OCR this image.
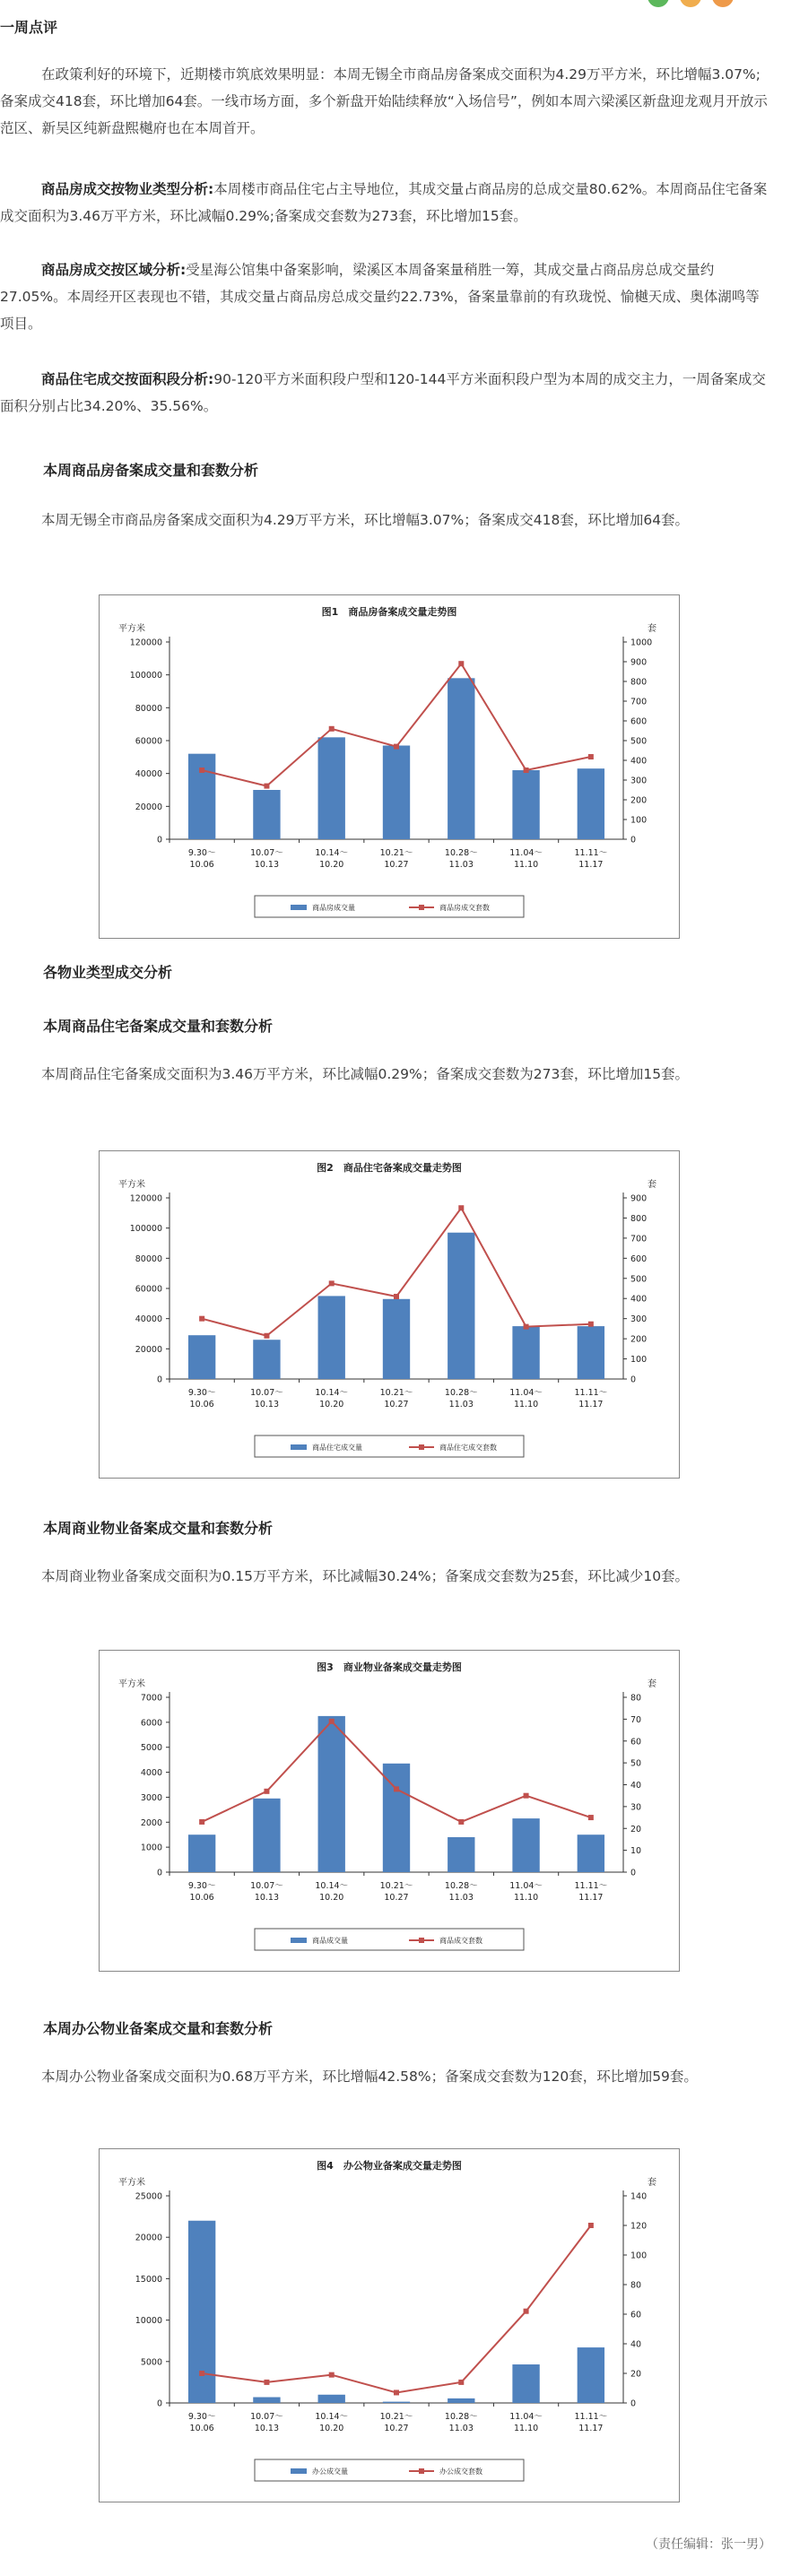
一周点评
在政策利好的环境下，近期楼市筑底效果明显：本周无锡全市商品房备案成交面积为4.29万平方米，环比增幅3.07%;备案成交418套，环比增加64套。一线市场方面，多个新盘开始陆续释放“入场信号”，例如本周六梁溪区新盘迎龙观月开放示范区、新吴区纯新盘熙樾府也在本周首开。
商品房成交按物业类型分析:本周楼市商品住宅占主导地位，其成交量占商品房的总成交量80.62%。本周商品住宅备案成交面积为3.46万平方米，环比减幅0.29%;备案成交套数为273套，环比增加15套。
商品房成交按区域分析:受星海公馆集中备案影响，梁溪区本周备案量稍胜一筹，其成交量占商品房总成交量约27.05%。本周经开区表现也不错，其成交量占商品房总成交量约22.73%，备案量靠前的有玖珑悦、愉樾天成、奥体湖鸣等项目。
商品住宅成交按面积段分析:90-120平方米面积段户型和120-144平方米面积段户型为本周的成交主力，一周备案成交面积分别占比34.20%、35.56%。
本周商品房备案成交量和套数分析
本周无锡全市商品房备案成交面积为4.29万平方米，环比增幅3.07%；备案成交418套，环比增加64套。
图1　商品房备案成交量走势图
平方米	套
0
20000
40000
60000
80000
100000
120000
0
100
200
300
400
500
600
700
800
900
1000
9.30～
10.06
10.07～
10.13
10.14～
10.20
10.21～
10.27
10.28～
11.03
11.04～
11.10
11.11～
11.17
商品房成交量	商品房成交套数
各物业类型成交分析
本周商品住宅备案成交量和套数分析
本周商品住宅备案成交面积为3.46万平方米，环比减幅0.29%；备案成交套数为273套，环比增加15套。
图2　商品住宅备案成交量走势图
平方米	套
0
20000
40000
60000
80000
100000
120000
0
100
200
300
400
500
600
700
800
900
9.30～
10.06
10.07～
10.13
10.14～
10.20
10.21～
10.27
10.28～
11.03
11.04～
11.10
11.11～
11.17
商品住宅成交量	商品住宅成交套数
本周商业物业备案成交量和套数分析
本周商业物业备案成交面积为0.15万平方米，环比减幅30.24%；备案成交套数为25套，环比减少10套。
图3　商业物业备案成交量走势图
平方米	套
0
1000
2000
3000
4000
5000
6000
7000
0
10
20
30
40
50
60
70
80
9.30～
10.06
10.07～
10.13
10.14～
10.20
10.21～
10.27
10.28～
11.03
11.04～
11.10
11.11～
11.17
商品成交量	商品成交套数
本周办公物业备案成交量和套数分析
本周办公物业备案成交面积为0.68万平方米，环比增幅42.58%；备案成交套数为120套，环比增加59套。
图4　办公物业备案成交量走势图
平方米	套
0
5000
10000
15000
20000
25000
0
20
40
60
80
100
120
140
9.30～
10.06
10.07～
10.13
10.14～
10.20
10.21～
10.27
10.28～
11.03
11.04～
11.10
11.11～
11.17
办公成交量	办公成交套数
（责任编辑：张一男）
